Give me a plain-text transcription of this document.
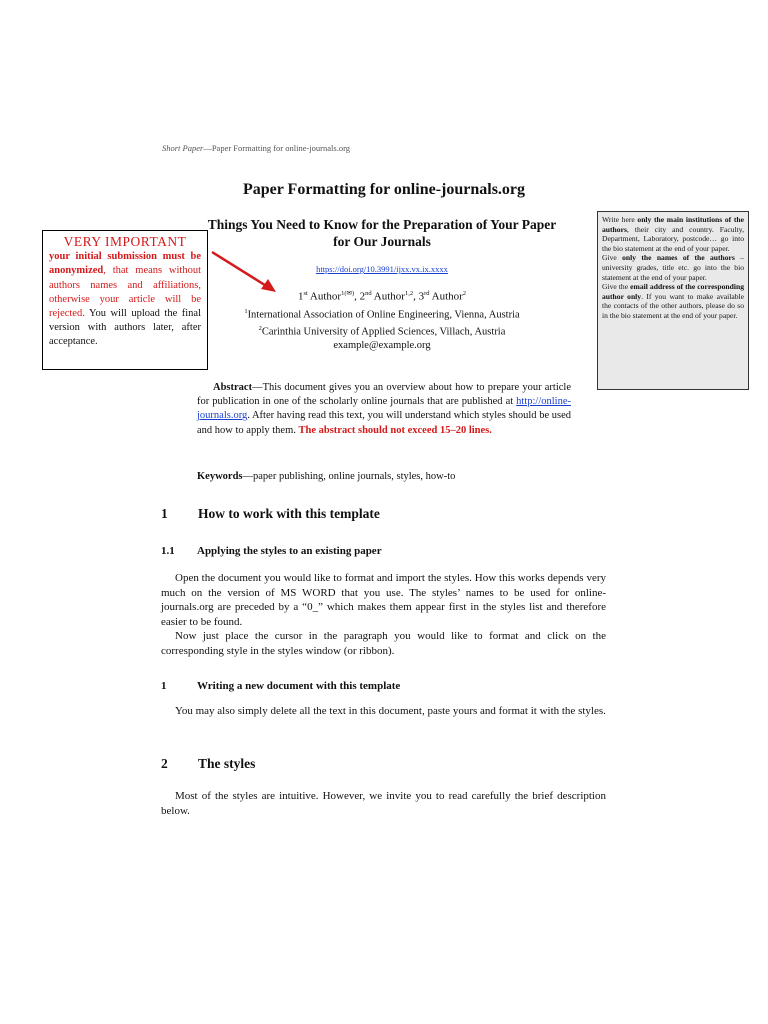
Short Paper—Paper Formatting for online-journals.org
Paper Formatting for online-journals.org
Things You Need to Know for the Preparation of Your Paper for Our Journals
https://doi.org/10.3991/ijxx.vx.ix.xxxx
1st Author$^{1(✉)}$, 2nd Author$^{1,2}$, 3rd Author$^2$
$^1$International Association of Online Engineering, Vienna, Austria
$^2$Carinthia University of Applied Sciences, Villach, Austria
example@example.org
VERY IMPORTANT
your initial submission must be anonymized, that means without authors names and affiliations, otherwise your article will be rejected. You will upload the final version with authors later, after acceptance.
Write here only the main institutions of the authors, their city and country. Faculty, Department, Laboratory, postcode… go into the bio statement at the end of your paper.
Give only the names of the authors – university grades, title etc. go into the bio statement at the end of your paper.
Give the email address of the corresponding author only. If you want to make available the contacts of the other authors, please do so in the bio statement at the end of your paper.
Abstract—This document gives you an overview about how to prepare your article for publication in one of the scholarly online journals that are published at http://online-journals.org. After having read this text, you will understand which styles should be used and how to apply them. The abstract should not exceed 15–20 lines.
Keywords—paper publishing, online journals, styles, how-to
1 How to work with this template
1.1 Applying the styles to an existing paper
Open the document you would like to format and import the styles. How this works depends very much on the version of MS WORD that you use. The styles’ names to be used for online-journals.org are preceded by a “0_” which makes them appear first in the styles list and therefore easier to be found.
Now just place the cursor in the paragraph you would like to format and click on the corresponding style in the styles window (or ribbon).
1	Writing a new document with this template
You may also simply delete all the text in this document, paste yours and format it with the styles.
2 The styles
Most of the styles are intuitive. However, we invite you to read carefully the brief description below.
